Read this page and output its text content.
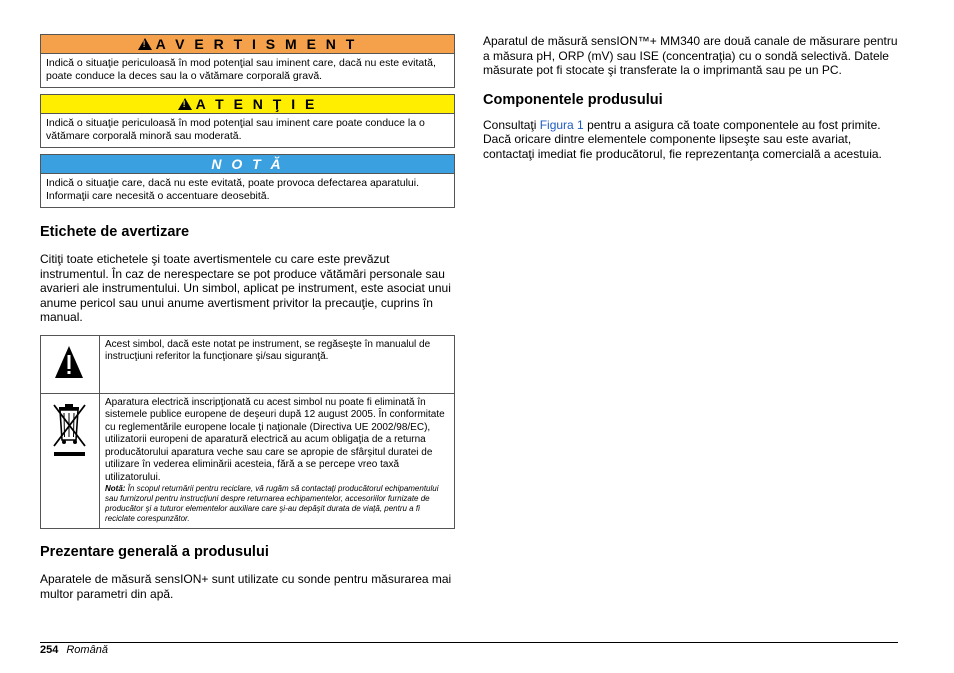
!A V E R T I S M E N T
Indică o situaţie periculoasă în mod potenţial sau iminent care, dacă nu este evitată, poate conduce la deces sau la o vătămare corporală gravă.
!A T E N Ţ I E
Indică o situaţie periculoasă în mod potenţial sau iminent care poate conduce la o vătămare corporală minoră sau moderată.
N O T Ă
Indică o situaţie care, dacă nu este evitată, poate provoca defectarea aparatului. Informaţii care necesită o accentuare deosebită.
Etichete de avertizare

Citiţi toate etichetele şi toate avertismentele cu care este prevăzut instrumentul. În caz de nerespectare se pot produce vătămări personale sau avarieri ale instrumentului. Un simbol, aplicat pe instrument, este asociat unui anume pericol sau unui anume avertisment privitor la precauţie, cuprins în manual.

	Acest simbol, dacă este notat pe instrument, se regăseşte în manualul de instrucţiuni referitor la funcţionare şi/sau siguranţă.
	Aparatura electrică inscripţionată cu acest simbol nu poate fi eliminată în sistemele publice europene de deşeuri după 12 august 2005. În conformitate cu reglementările europene locale ţi naţionale (Directiva UE 2002/98/EC), utilizatorii europeni de aparatură electrică au acum obligaţia de a returna producătorului aparatura veche sau care se apropie de sfârşitul duratei de utilizare în vederea eliminării acesteia, fără a se percepe vreo taxă utilizatorului.
Notă: În scopul returnării pentru reciclare, vă rugăm să contactaţi producătorul echipamentului sau furnizorul pentru instrucţiuni despre returnarea echipamentelor, accesoriilor furnizate de producător şi a tuturor elementelor auxiliare care şi-au depăşit durata de viaţă, pentru a fi reciclate corespunzător.
Prezentare generală a produsului

Aparatele de măsură sensION+ sunt utilizate cu sonde pentru măsurarea mai multor parametri din apă.

Aparatul de măsură sensION™+ MM340 are două canale de măsurare pentru a măsura pH, ORP (mV) sau ISE (concentraţia) cu o sondă selectivă. Datele măsurate pot fi stocate şi transferate la o imprimantă sau pe un PC.

Componentele produsului

Consultaţi Figura 1 pentru a asigura că toate componentele au fost primite. Dacă oricare dintre elementele componente lipseşte sau este avariat, contactaţi imediat fie producătorul, fie reprezentanţa comercială a acestuia.

254 Română
